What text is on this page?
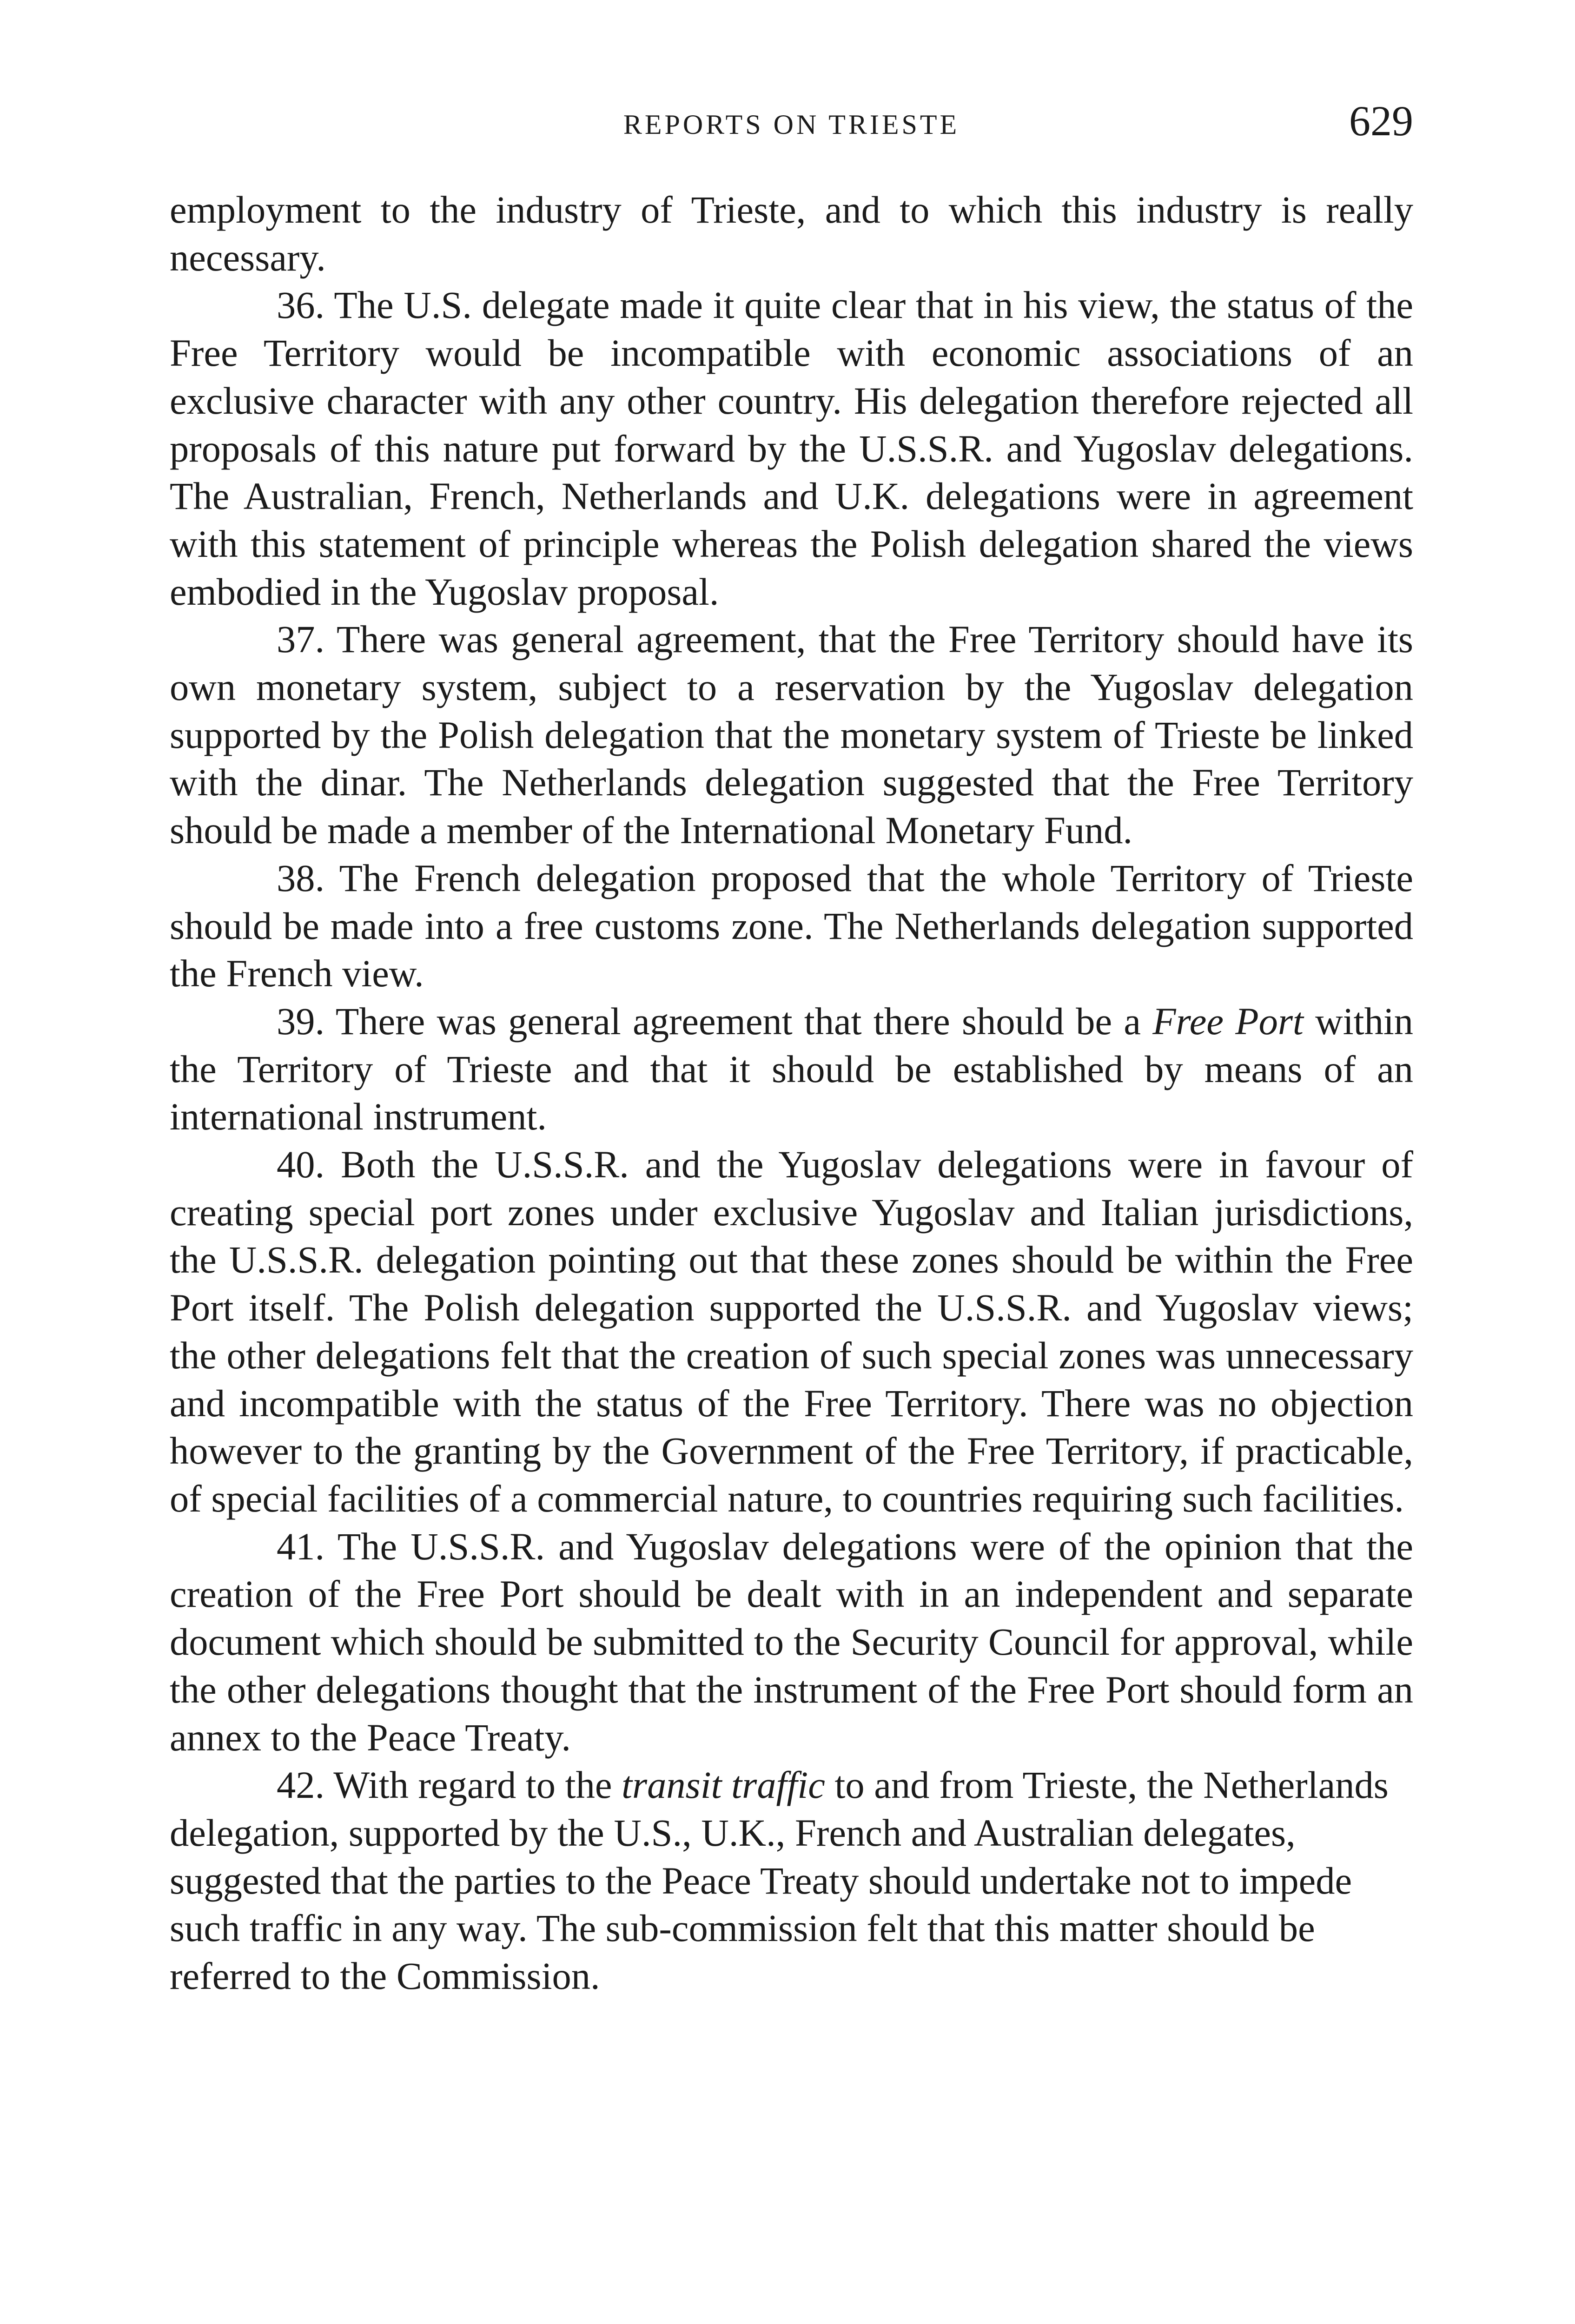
REPORTS ON TRIESTE	629

employment to the industry of Trieste, and to which this industry is really necessary.

36. The U.S. delegate made it quite clear that in his view, the status of the Free Territory would be incompatible with economic associations of an exclusive character with any other country. His delegation therefore rejected all proposals of this nature put forward by the U.S.S.R. and Yugoslav delegations. The Australian, French, Netherlands and U.K. delegations were in agreement with this statement of principle whereas the Polish delegation shared the views embodied in the Yugoslav proposal.

37. There was general agreement, that the Free Territory should have its own monetary system, subject to a reservation by the Yugoslav delegation supported by the Polish delegation that the monetary system of Trieste be linked with the dinar. The Netherlands delegation suggested that the Free Territory should be made a member of the International Monetary Fund.

38. The French delegation proposed that the whole Territory of Trieste should be made into a free customs zone. The Netherlands delegation supported the French view.

39. There was general agreement that there should be a Free Port within the Territory of Trieste and that it should be established by means of an international instrument.

40. Both the U.S.S.R. and the Yugoslav delegations were in favour of creating special port zones under exclusive Yugoslav and Italian jurisdictions, the U.S.S.R. delegation pointing out that these zones should be within the Free Port itself. The Polish delegation supported the U.S.S.R. and Yugoslav views; the other delegations felt that the creation of such special zones was unnecessary and incompatible with the status of the Free Territory. There was no objection however to the granting by the Government of the Free Territory, if practicable, of special facilities of a commercial nature, to countries requiring such facilities.

41. The U.S.S.R. and Yugoslav delegations were of the opinion that the creation of the Free Port should be dealt with in an independent and separate document which should be submitted to the Security Council for approval, while the other delegations thought that the instrument of the Free Port should form an annex to the Peace Treaty.

42. With regard to the transit traffic to and from Trieste, the Netherlands delegation, supported by the U.S., U.K., French and Australian delegates, suggested that the parties to the Peace Treaty should undertake not to impede such traffic in any way. The sub-commission felt that this matter should be referred to the Commission.
